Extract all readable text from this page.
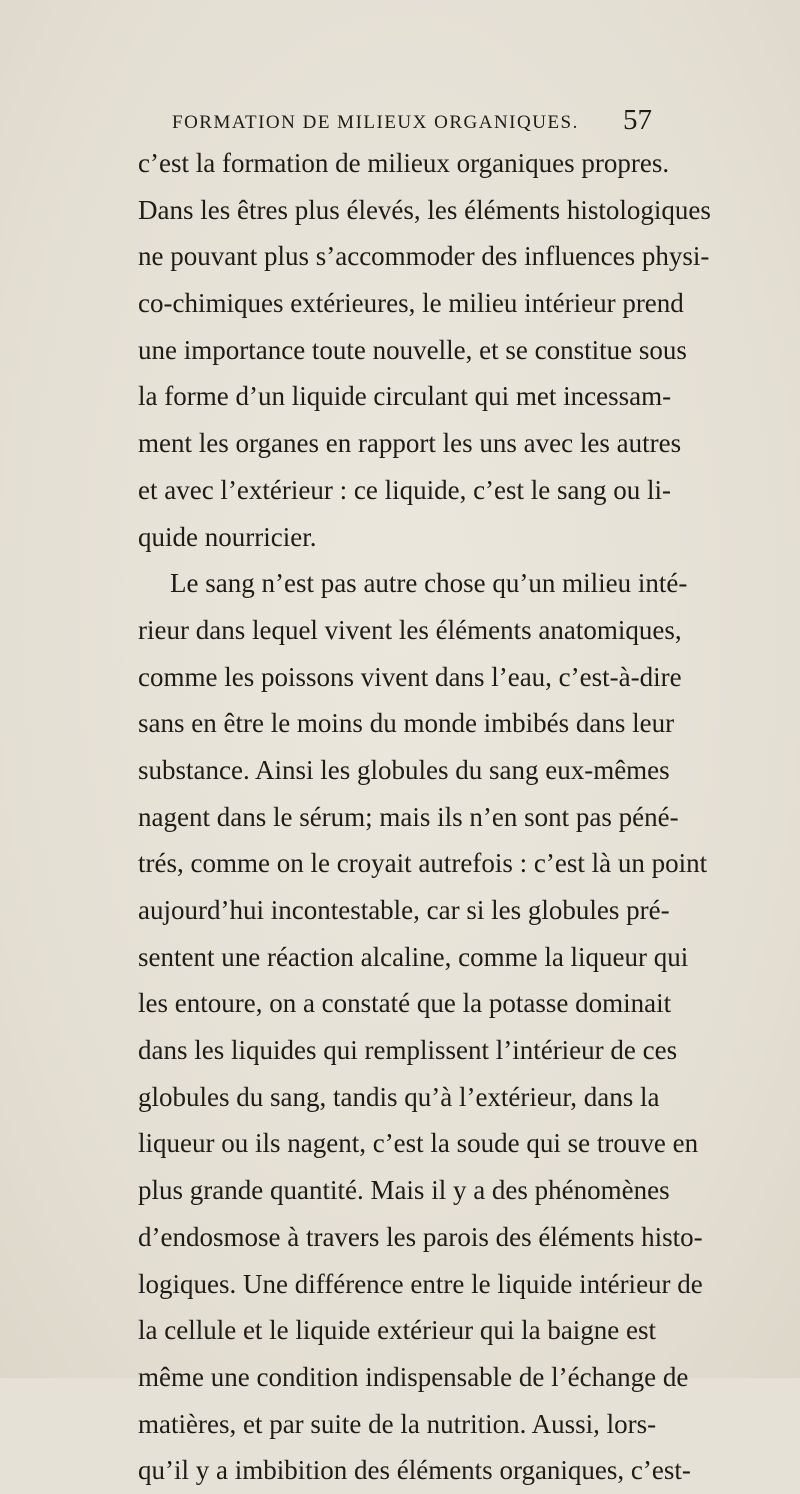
FORMATION DE MILIEUX ORGANIQUES. 57
c’est la formation de milieux organiques propres.
Dans les êtres plus élevés, les éléments histologiques
ne pouvant plus s’accommoder des influences physi-
co-chimiques extérieures, le milieu intérieur prend
une importance toute nouvelle, et se constitue sous
la forme d’un liquide circulant qui met incessam-
ment les organes en rapport les uns avec les autres
et avec l’extérieur : ce liquide, c’est le sang ou li-
quide nourricier.
Le sang n’est pas autre chose qu’un milieu inté-
rieur dans lequel vivent les éléments anatomiques,
comme les poissons vivent dans l’eau, c’est-à-dire
sans en être le moins du monde imbibés dans leur
substance. Ainsi les globules du sang eux-mêmes
nagent dans le sérum; mais ils n’en sont pas péné-
trés, comme on le croyait autrefois : c’est là un point
aujourd’hui incontestable, car si les globules pré-
sentent une réaction alcaline, comme la liqueur qui
les entoure, on a constaté que la potasse dominait
dans les liquides qui remplissent l’intérieur de ces
globules du sang, tandis qu’à l’extérieur, dans la
liqueur ou ils nagent, c’est la soude qui se trouve en
plus grande quantité. Mais il y a des phénomènes
d’endosmose à travers les parois des éléments histo-
logiques. Une différence entre le liquide intérieur de
la cellule et le liquide extérieur qui la baigne est
même une condition indispensable de l’échange de
matières, et par suite de la nutrition. Aussi, lors-
qu’il y a imbibition des éléments organiques, c’est-
